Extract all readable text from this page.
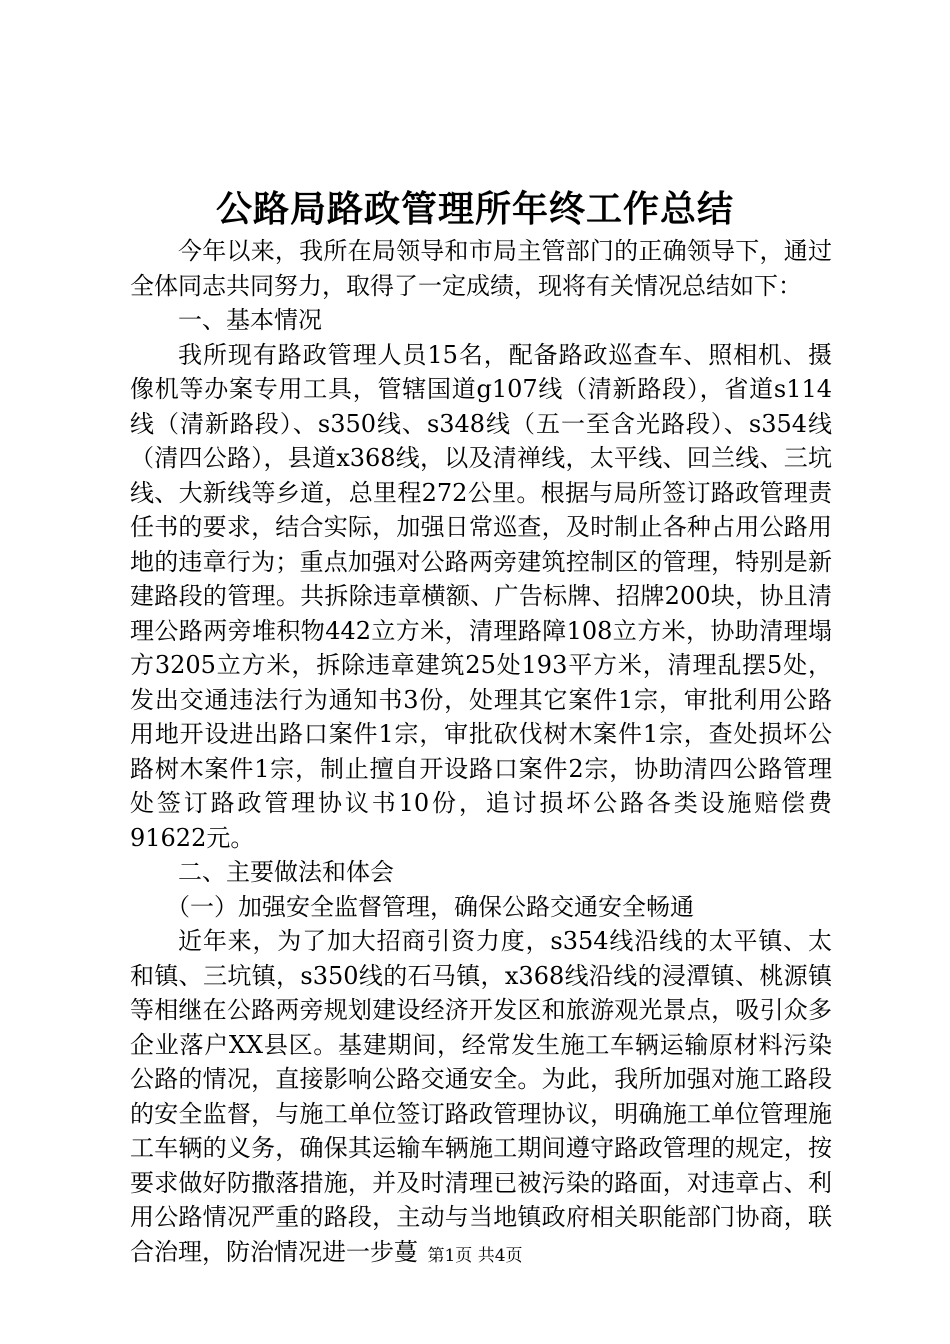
公路局路政管理所年终工作总结

今年以来，我所在局领导和市局主管部门的正确领导下，通过全体同志共同努力，取得了一定成绩，现将有关情况总结如下：

一、基本情况

我所现有路政管理人员15名，配备路政巡查车、照相机、摄像机等办案专用工具，管辖国道g107线（清新路段），省道s114线（清新路段）、s350线、s348线（五一至含光路段）、s354线（清四公路），县道x368线，以及清禅线，太平线、回兰线、三坑线、大新线等乡道，总里程272公里。根据与局所签订路政管理责任书的要求，结合实际，加强日常巡查，及时制止各种占用公路用地的违章行为；重点加强对公路两旁建筑控制区的管理，特别是新建路段的管理。共拆除违章横额、广告标牌、招牌200块，协且清理公路两旁堆积物442立方米，清理路障108立方米，协助清理塌方3205立方米，拆除违章建筑25处193平方米，清理乱摆5处，发出交通违法行为通知书3份，处理其它案件1宗，审批利用公路用地开设进出路口案件1宗，审批砍伐树木案件1宗，查处损坏公路树木案件1宗，制止擅自开设路口案件2宗，协助清四公路管理处签订路政管理协议书10份，追讨损坏公路各类设施赔偿费91622元。

二、主要做法和体会

（一）加强安全监督管理，确保公路交通安全畅通

近年来，为了加大招商引资力度，s354线沿线的太平镇、太和镇、三坑镇，s350线的石马镇，x368线沿线的浸潭镇、桃源镇等相继在公路两旁规划建设经济开发区和旅游观光景点，吸引众多企业落户XX县区。基建期间，经常发生施工车辆运输原材料污染公路的情况，直接影响公路交通安全。为此，我所加强对施工路段的安全监督，与施工单位签订路政管理协议，明确施工单位管理施工车辆的义务，确保其运输车辆施工期间遵守路政管理的规定，按要求做好防撒落措施，并及时清理已被污染的路面，对违章占、利用公路情况严重的路段，主动与当地镇政府相关职能部门协商，联合治理，防治情况进一步蔓 第1页 共4页
